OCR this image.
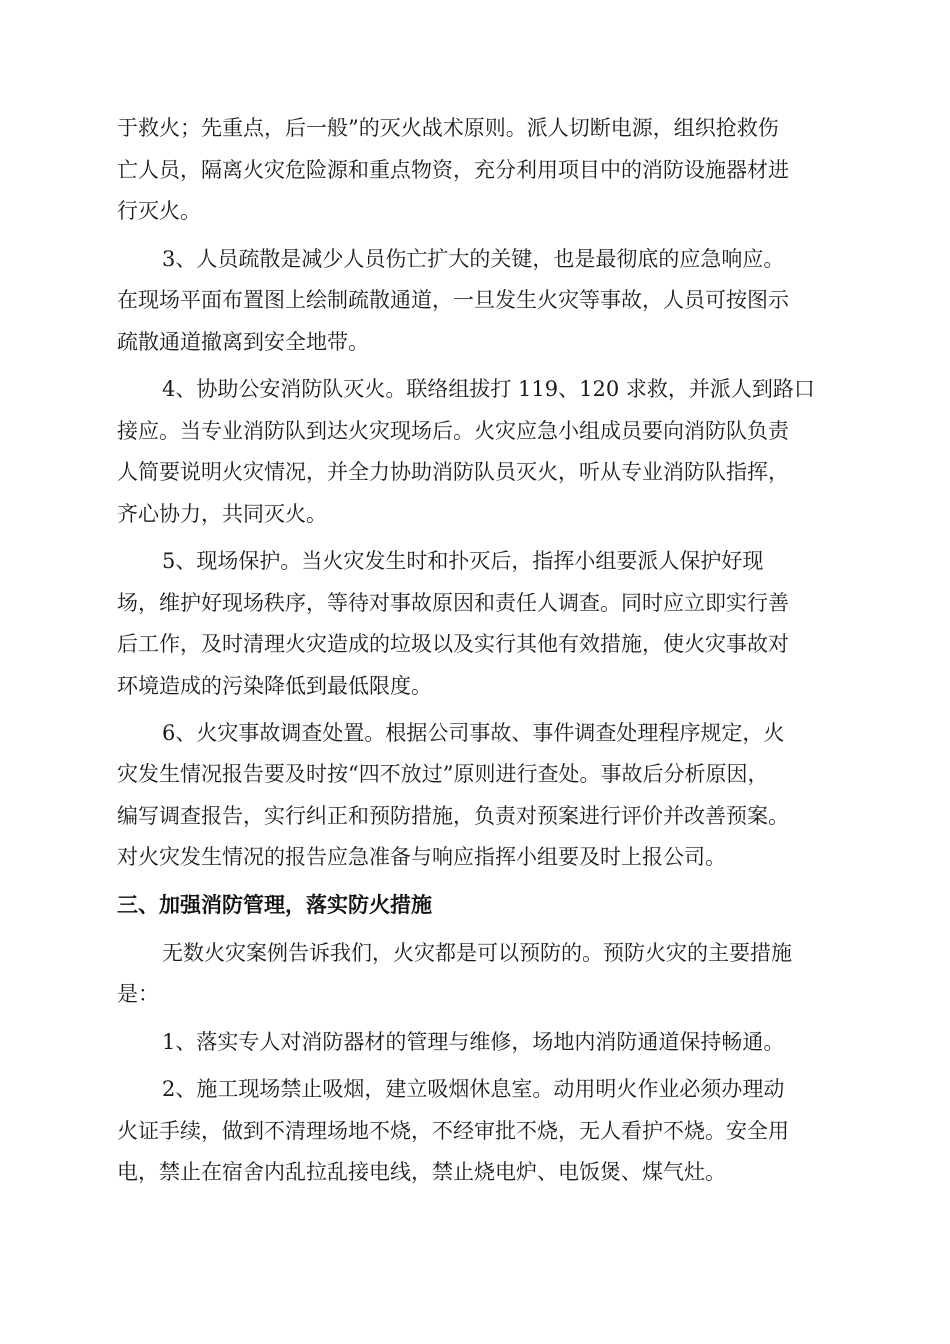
于救火；先重点，后一般”的灭火战术原则。派人切断电源，组织抢救伤
亡人员，隔离火灾危险源和重点物资，充分利用项目中的消防设施器材进
行灭火。
3、人员疏散是减少人员伤亡扩大的关键，也是最彻底的应急响应。
在现场平面布置图上绘制疏散通道，一旦发生火灾等事故，人员可按图示
疏散通道撤离到安全地带。
4、协助公安消防队灭火。联络组拔打 119、120 求救，并派人到路口
接应。当专业消防队到达火灾现场后。火灾应急小组成员要向消防队负责
人简要说明火灾情况，并全力协助消防队员灭火，听从专业消防队指挥，
齐心协力，共同灭火。
5、现场保护。当火灾发生时和扑灭后，指挥小组要派人保护好现
场，维护好现场秩序，等待对事故原因和责任人调查。同时应立即实行善
后工作，及时清理火灾造成的垃圾以及实行其他有效措施，使火灾事故对
环境造成的污染降低到最低限度。
6、火灾事故调查处置。根据公司事故、事件调查处理程序规定，火
灾发生情况报告要及时按“四不放过”原则进行查处。事故后分析原因，
编写调查报告，实行纠正和预防措施，负责对预案进行评价并改善预案。
对火灾发生情况的报告应急准备与响应指挥小组要及时上报公司。
三、加强消防管理，落实防火措施
无数火灾案例告诉我们，火灾都是可以预防的。预防火灾的主要措施
是：
1、落实专人对消防器材的管理与维修，场地内消防通道保持畅通。
2、施工现场禁止吸烟，建立吸烟休息室。动用明火作业必须办理动
火证手续，做到不清理场地不烧，不经审批不烧，无人看护不烧。安全用
电，禁止在宿舍内乱拉乱接电线，禁止烧电炉、电饭煲、煤气灶。
